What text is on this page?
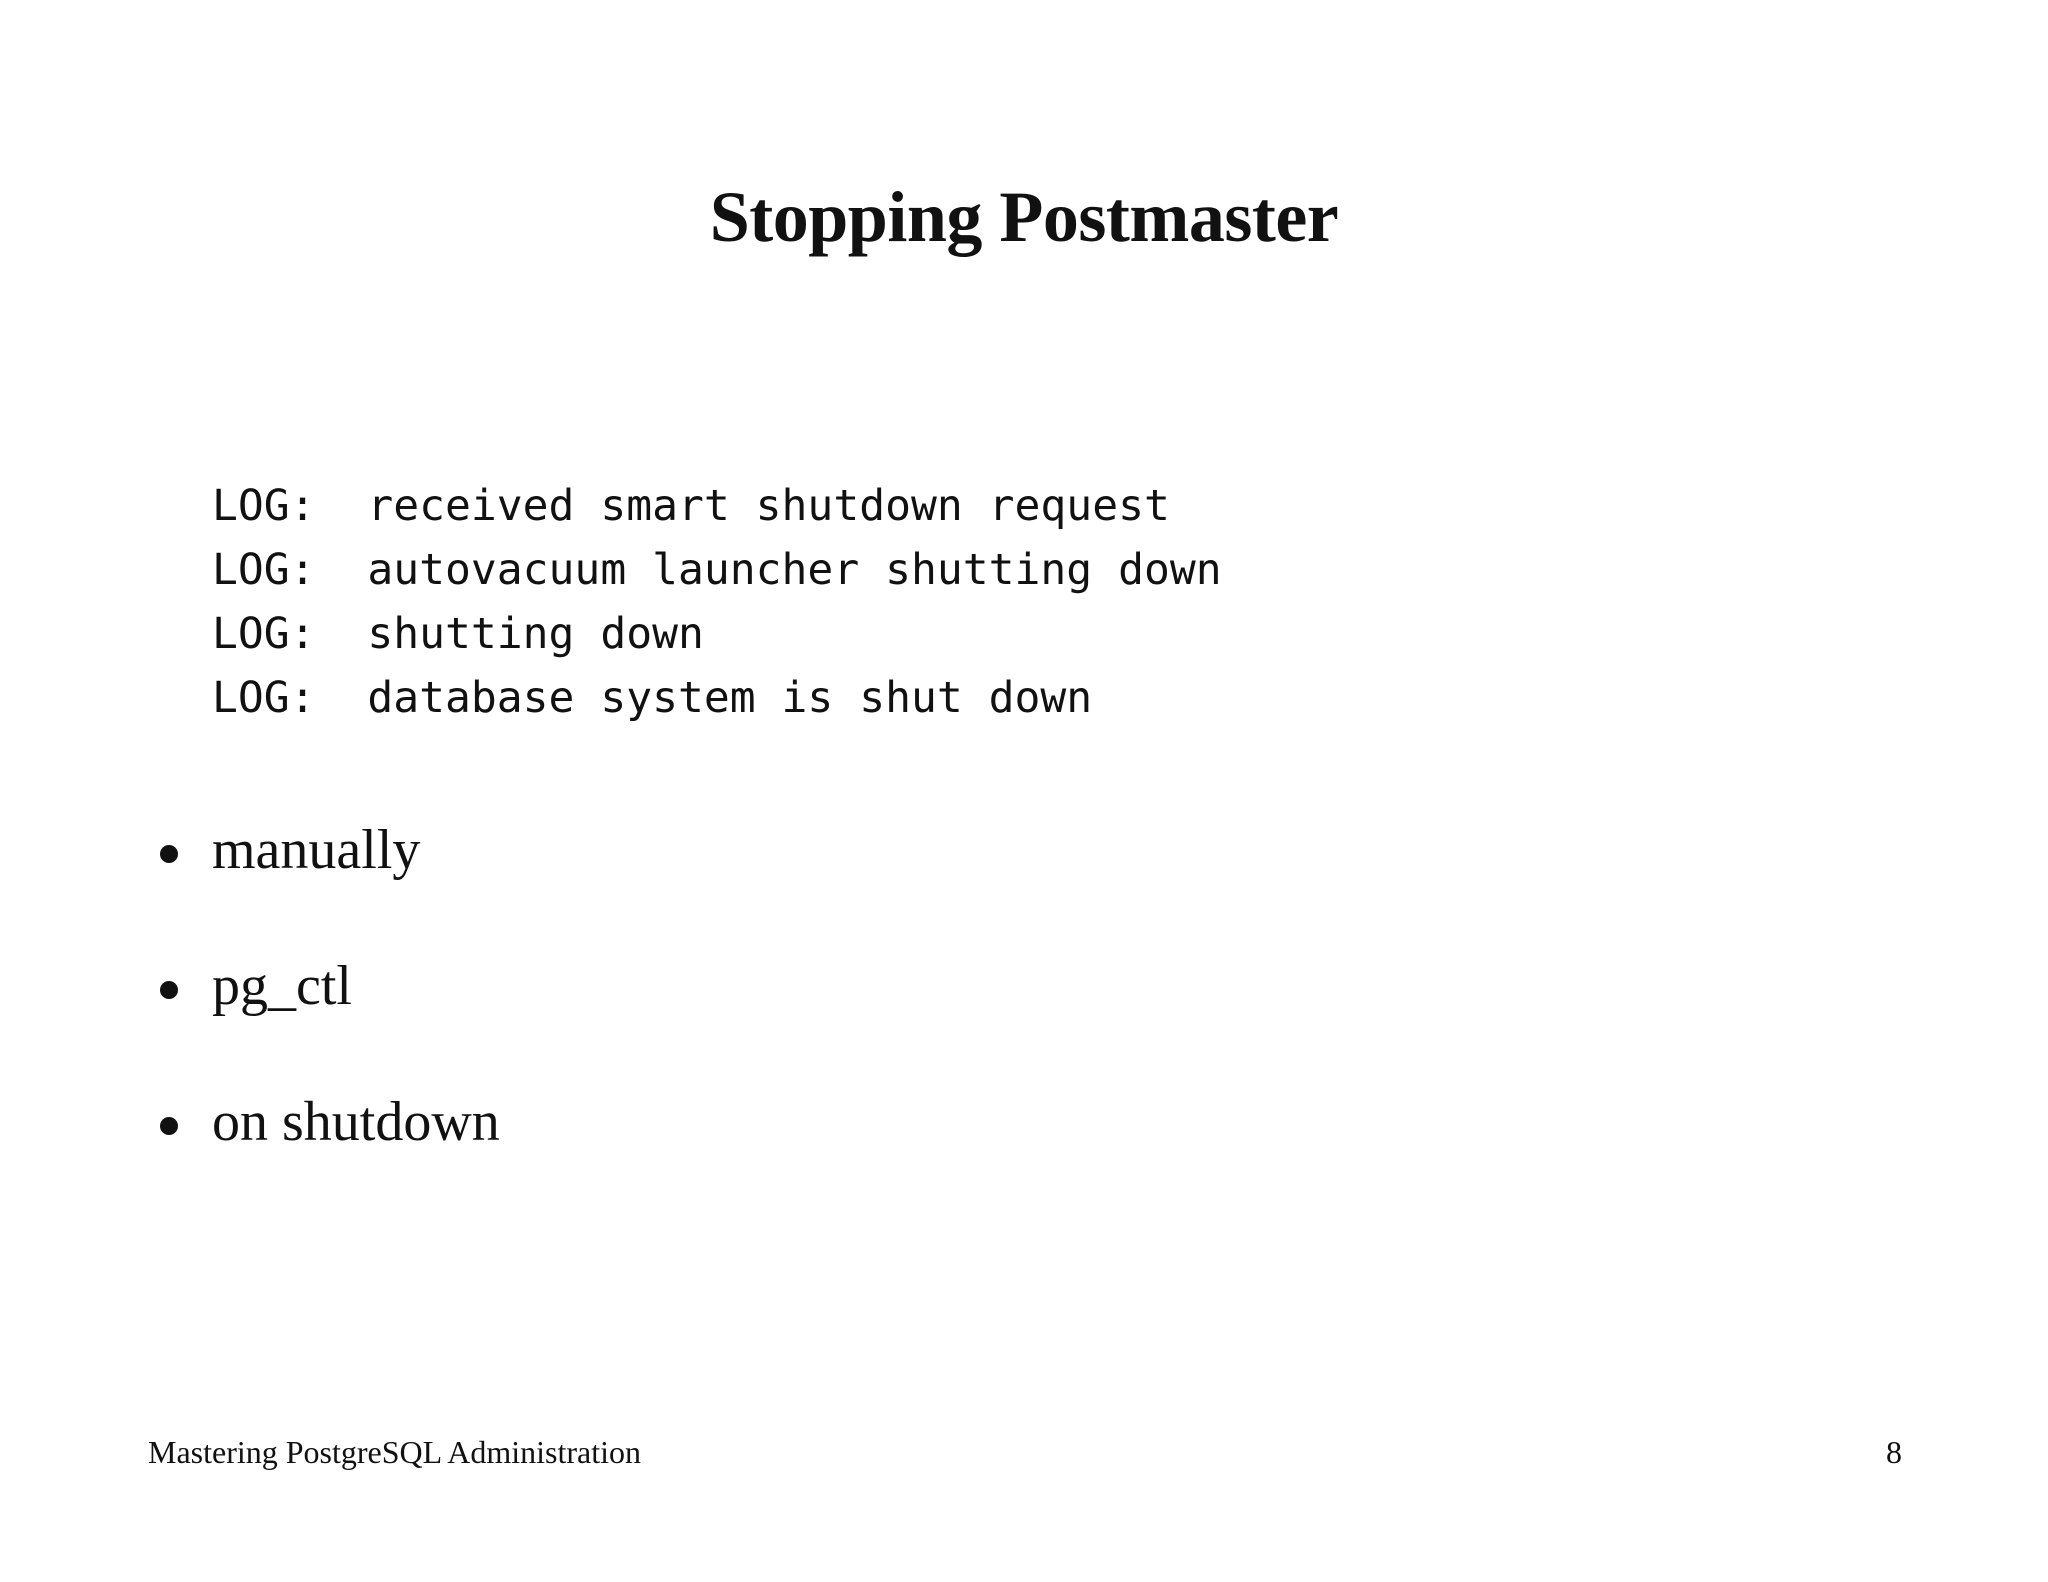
Stopping Postmaster
LOG:  received smart shutdown request
LOG:  autovacuum launcher shutting down
LOG:  shutting down
LOG:  database system is shut down
manually
pg_ctl
on shutdown
Mastering PostgreSQL Administration	8
